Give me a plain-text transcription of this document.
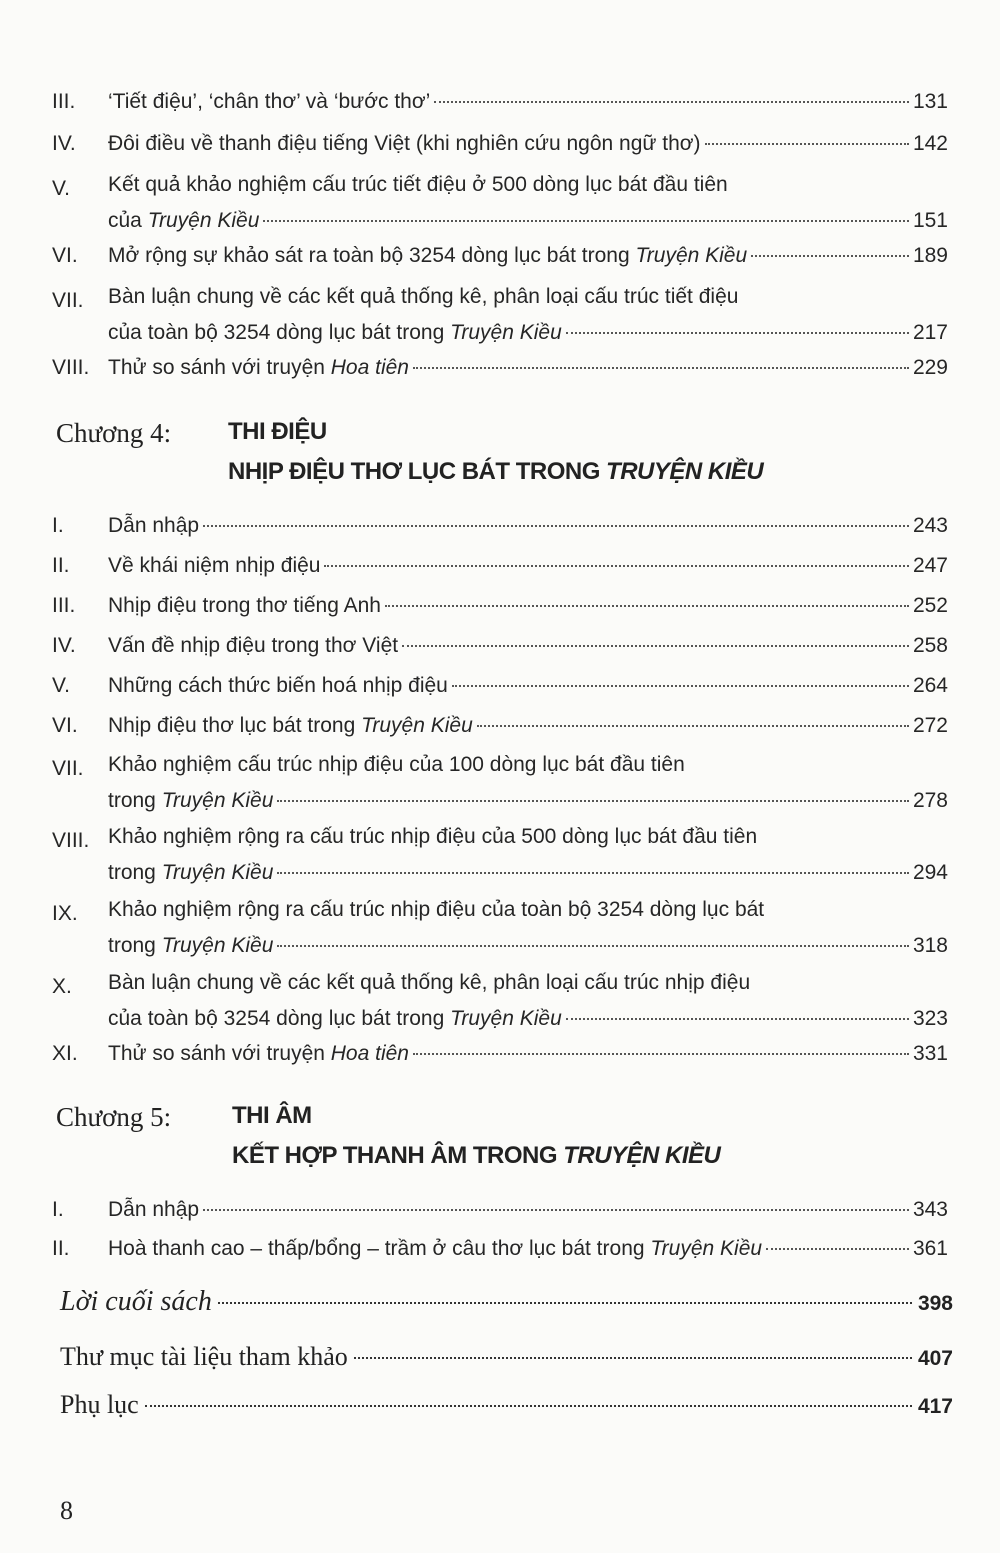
III. ‘Tiết điệu’, ‘chân thơ’ và ‘bước thơ’	131
IV. Đôi điều về thanh điệu tiếng Việt (khi nghiên cứu ngôn ngữ thơ)	142
V. Kết quả khảo nghiệm cấu trúc tiết điệu ở 500 dòng lục bát đầu tiên
của Truyện Kiều	151
VI. Mở rộng sự khảo sát ra toàn bộ 3254 dòng lục bát trong Truyện Kiều	189
VII. Bàn luận chung về các kết quả thống kê, phân loại cấu trúc tiết điệu
của toàn bộ 3254 dòng lục bát trong Truyện Kiều	217
VIII. Thử so sánh với truyện Hoa tiên	229
Chương 4: THI ĐIỆU
NHỊP ĐIỆU THƠ LỤC BÁT TRONG TRUYỆN KIỀU
I. Dẫn nhập	243
II. Về khái niệm nhịp điệu	247
III. Nhịp điệu trong thơ tiếng Anh	252
IV. Vấn đề nhịp điệu trong thơ Việt	258
V. Những cách thức biến hoá nhịp điệu	264
VI. Nhịp điệu thơ lục bát trong Truyện Kiều	272
VII. Khảo nghiệm cấu trúc nhịp điệu của 100 dòng lục bát đầu tiên
trong Truyện Kiều	278
VIII. Khảo nghiệm rộng ra cấu trúc nhịp điệu của 500 dòng lục bát đầu tiên
trong Truyện Kiều	294
IX. Khảo nghiệm rộng ra cấu trúc nhịp điệu của toàn bộ 3254 dòng lục bát
trong Truyện Kiều	318
X. Bàn luận chung về các kết quả thống kê, phân loại cấu trúc nhịp điệu
của toàn bộ 3254 dòng lục bát trong Truyện Kiều	323
XI. Thử so sánh với truyện Hoa tiên	331
Chương 5:	THI ÂM
KẾT HỢP THANH ÂM TRONG TRUYỆN KIỀU
I. Dẫn nhập	343
II. Hoà thanh cao – thấp/bổng – trầm ở câu thơ lục bát trong Truyện Kiều	361
Lời cuối sách	398
Thư mục tài liệu tham khảo	407
Phụ lục	417
8
